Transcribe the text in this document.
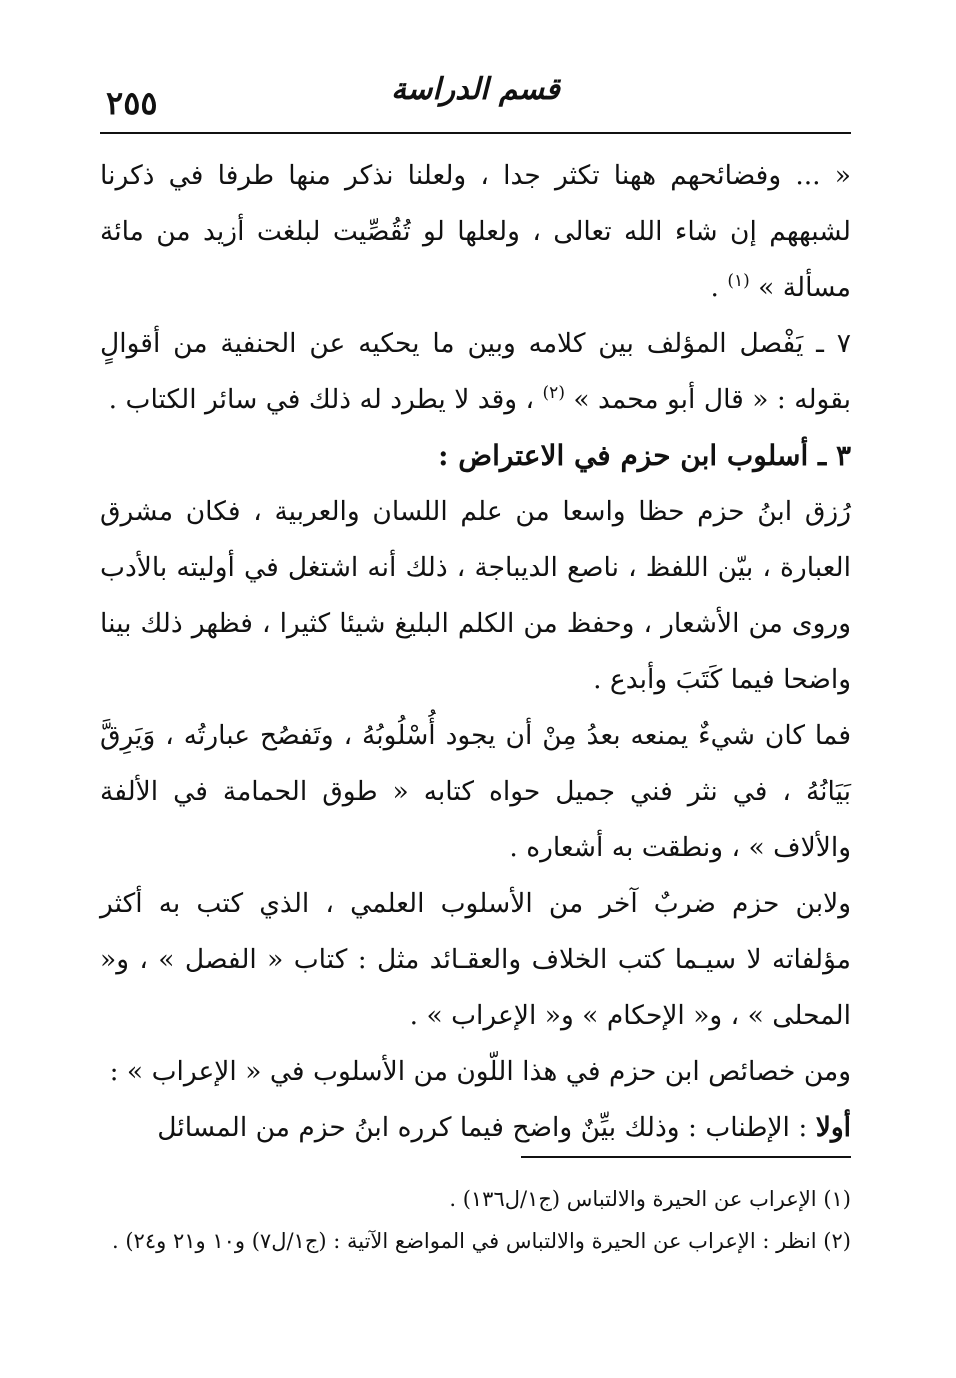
قسم الدراسة
٢٥٥

« ... وفضائحهم ههنا تكثر جدا ، ولعلنا نذكر منها طرفا في ذكرنا لشبههم إن شاء الله تعالى ، ولعلها لو تُقُصِّيت لبلغت أزيد من مائة مسألة » $^{(١)}$ .

٧ ـ يَفْصل المؤلف بين كلامه وبين ما يحكيه عن الحنفية من أقوالٍ بقوله : « قال أبو محمد » $^{(٢)}$ ، وقد لا يطرد له ذلك في سائر الكتاب .

٣ ـ أسلوب ابن حزم في الاعتراض :

رُزق ابنُ حزم حظا واسعا من علم اللسان والعربية ، فكان مشرق العبارة ، بيّن اللفظ ، ناصع الديباجة ، ذلك أنه اشتغل في أوليته بالأدب وروى من الأشعار ، وحفظ من الكلم البليغ شيئا كثيرا ، فظهر ذلك بينا واضحا فيما كَتَبَ وأبدع .

فما كان شيءٌ يمنعه بعدُ مِنْ أن يجود أُسْلُوبُهُ ، وتَفصُح عبارتُه ، وَيَرِقَّ بَيَانُهُ ، في نثر فني جميل حواه كتابه « طوق الحمامة في الألفة والألاف » ، ونطقت به أشعاره .

ولابن حزم ضربٌ آخر من الأسلوب العلمي ، الذي كتب به أكثر مؤلفاته لا سيـما كتب الخلاف والعقـائد مثل : كتاب « الفصل » ، و« المحلى » ، و« الإحكام » و« الإعراب » .

ومن خصائص ابن حزم في هذا اللّون من الأسلوب في « الإعراب » :

أولا : الإطناب : وذلك بيِّنٌ واضح فيما كرره ابنُ حزم من المسائل

(١) الإعراب عن الحيرة والالتباس (ج١/ل١٣٦) .

(٢) انظر : الإعراب عن الحيرة والالتباس في المواضع الآتية : (ج١/ل٧) و١٠ و٢١ و٢٤) .
